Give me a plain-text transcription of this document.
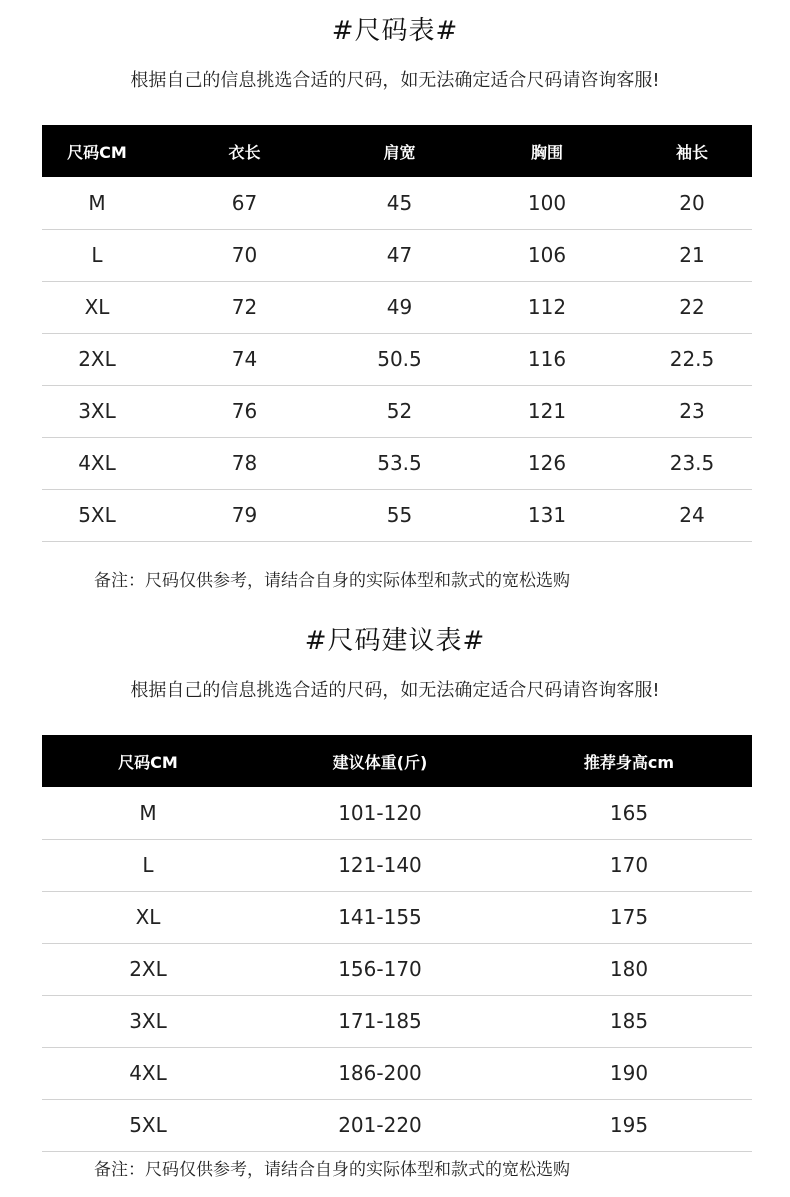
#尺码表#
根据自己的信息挑选合适的尺码，如无法确定适合尺码请咨询客服!
尺码CM	衣长	肩宽	胸围	袖长
M	67	45	100	20
L	70	47	106	21
XL	72	49	112	22
2XL	74	50.5	116	22.5
3XL	76	52	121	23
4XL	78	53.5	126	23.5
5XL	79	55	131	24
备注：尺码仅供参考，请结合自身的实际体型和款式的宽松选购
#尺码建议表#
根据自己的信息挑选合适的尺码，如无法确定适合尺码请咨询客服!
尺码CM	建议体重(斤)	推荐身高cm
M	101-120	165
L	121-140	170
XL	141-155	175
2XL	156-170	180
3XL	171-185	185
4XL	186-200	190
5XL	201-220	195
备注：尺码仅供参考，请结合自身的实际体型和款式的宽松选购
